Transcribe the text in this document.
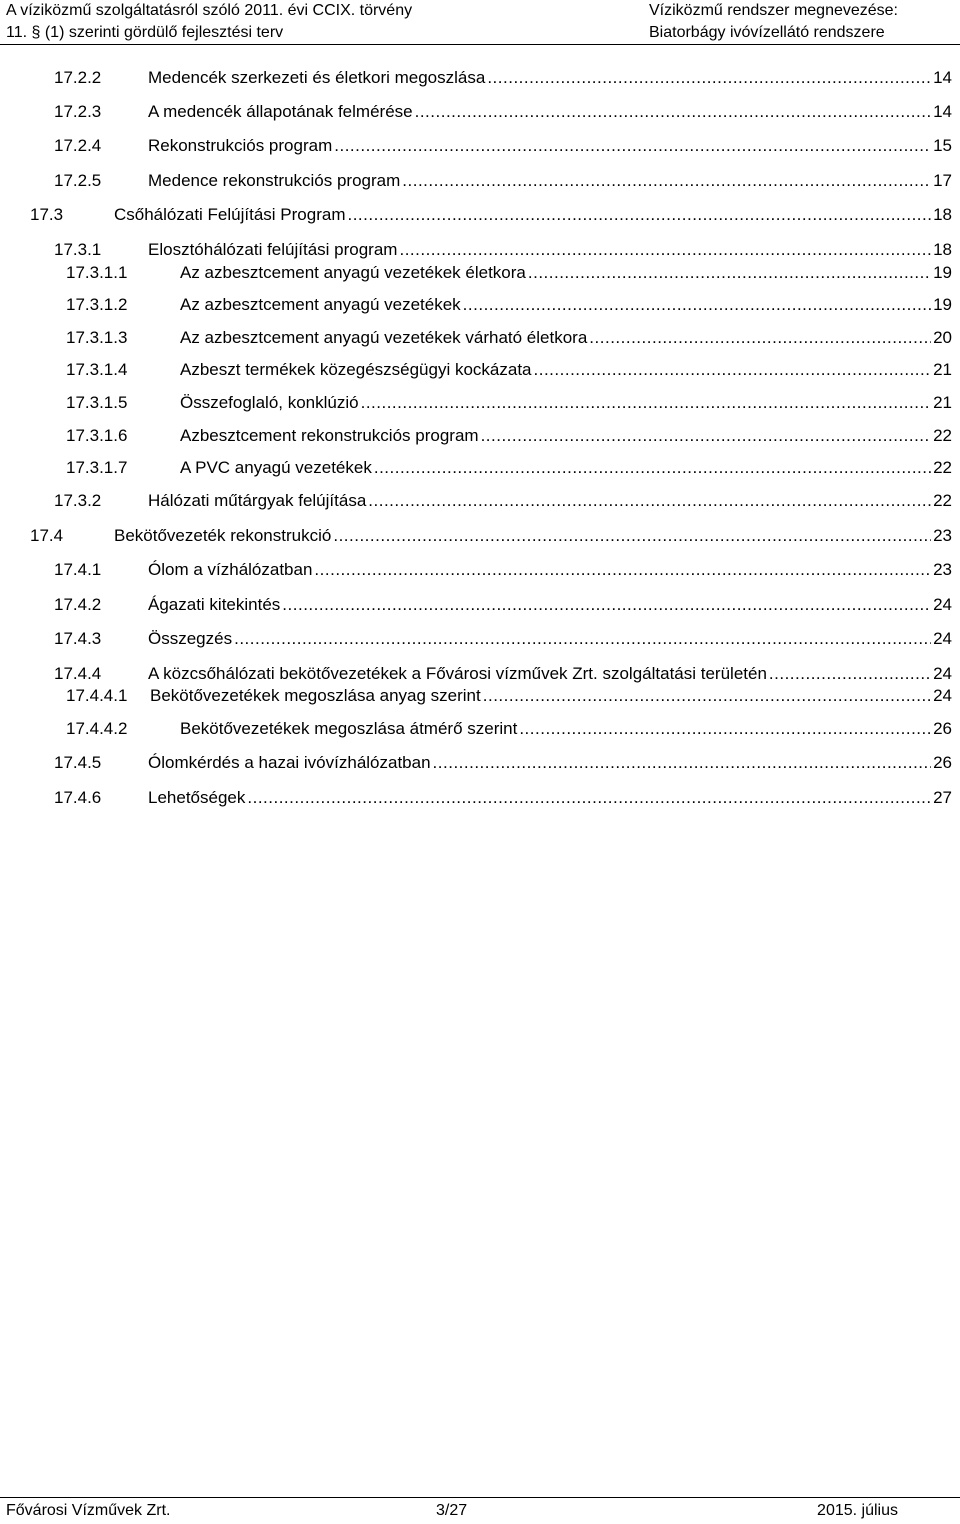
A víziközmű szolgáltatásról szóló 2011. évi CCIX. törvény
11. § (1) szerinti gördülő fejlesztési terv
Víziközmű rendszer megnevezése:
Biatorbágy ivóvízellátó rendszere
17.2.2	Medencék szerkezeti és életkori megoszlása .....	14
17.2.3	A medencék állapotának felmérése .....	14
17.2.4	Rekonstrukciós program .....	15
17.2.5	Medence rekonstrukciós program .....	17
17.3	Csőhálózati Felújítási Program .....	18
17.3.1	Elosztóhálózati felújítási program .....	18
17.3.1.1	Az azbesztcement anyagú vezetékek életkora .....	19
17.3.1.2	Az azbesztcement anyagú vezetékek .....	19
17.3.1.3	Az azbesztcement anyagú vezetékek várható életkora .....	20
17.3.1.4	Azbeszt termékek közegészségügyi kockázata .....	21
17.3.1.5	Összefoglaló, konklúzió .....	21
17.3.1.6	Azbesztcement rekonstrukciós program .....	22
17.3.1.7	A PVC anyagú vezetékek .....	22
17.3.2	Hálózati műtárgyak felújítása .....	22
17.4	Bekötővezeték rekonstrukció .....	23
17.4.1	Ólom a vízhálózatban .....	23
17.4.2	Ágazati kitekintés .....	24
17.4.3	Összegzés .....	24
17.4.4	A közcsőhálózati bekötővezetékek a Fővárosi vízművek Zrt. szolgáltatási területén .....	24
17.4.4.1	Bekötővezetékek megoszlása anyag szerint .....	24
17.4.4.2	Bekötővezetékek megoszlása átmérő szerint .....	26
17.4.5	Ólomkérdés a hazai ivóvízhálózatban .....	26
17.4.6	Lehetőségek .....	27
Fővárosi Vízművek Zrt.	3/27	2015. július
